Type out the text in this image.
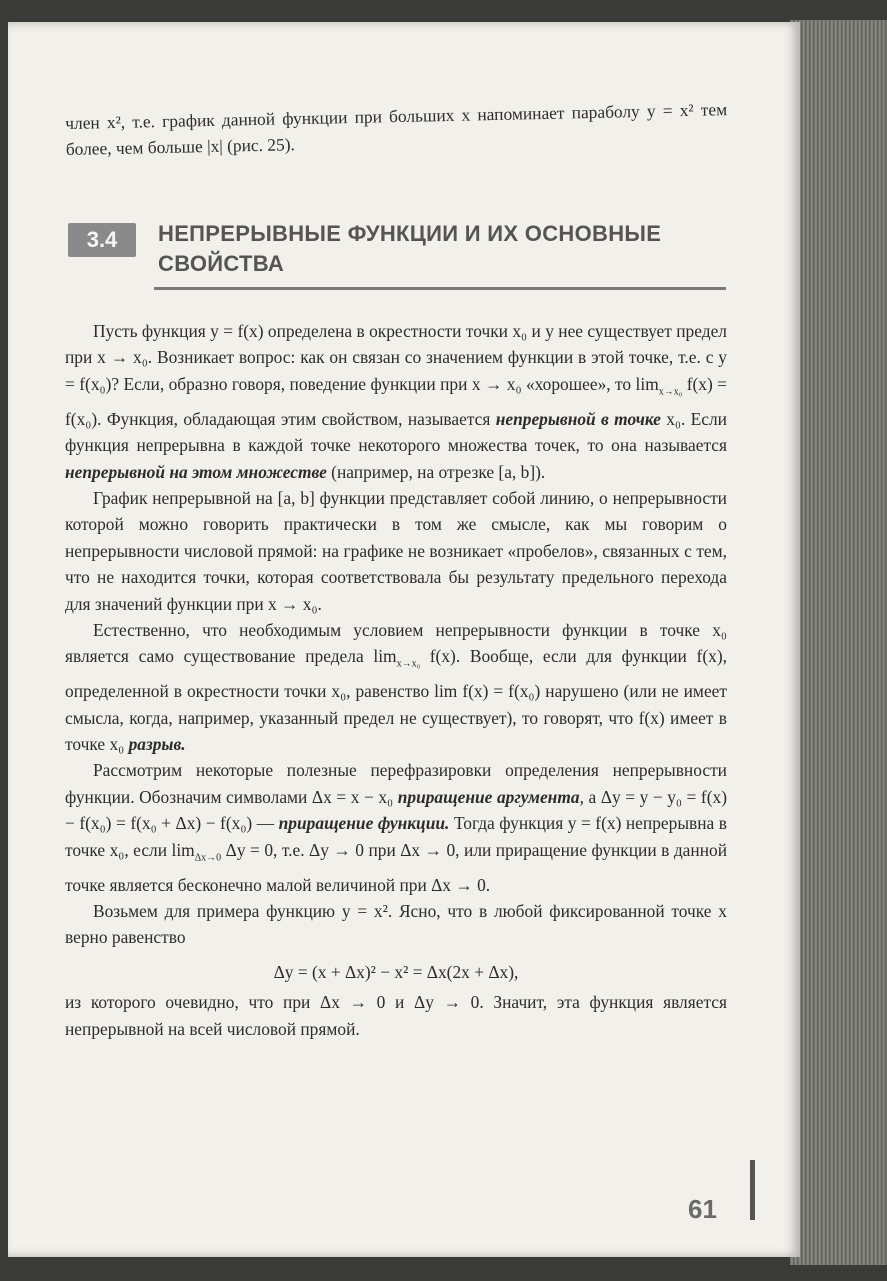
член x², т.е. график данной функции при больших x напоминает параболу y = x² тем более, чем больше |x| (рис. 25).

3.4	НЕПРЕРЫВНЫЕ ФУНКЦИИ И ИХ ОСНОВНЫЕ СВОЙСТВА

Пусть функция y = f(x) определена в окрестности точки x₀ и у нее существует предел при x → x₀. Возникает вопрос: как он связан со значением функции в этой точке, т.е. с y = f(x₀)? Если, образно говоря, поведение функции при x → x₀ «хорошее», то $\lim_{x\to x_0} f(x) = f(x_0)$. Функция, обладающая этим свойством, называется непрерывной в точке x₀. Если функция непрерывна в каждой точке некоторого множества точек, то она называется непрерывной на этом множестве (например, на отрезке [a, b]).

График непрерывной на [a, b] функции представляет собой линию, о непрерывности которой можно говорить практически в том же смысле, как мы говорим о непрерывности числовой прямой: на графике не возникает «пробелов», связанных с тем, что не находится точки, которая соответствовала бы результату предельного перехода для значений функции при x → x₀.

Естественно, что необходимым условием непрерывности функции в точке x₀ является само существование предела $\lim_{x\to x_0} f(x)$. Вообще, если для функции f(x), определенной в окрестности точки x₀, равенство lim f(x) = f(x₀) нарушено (или не имеет смысла, когда, например, указанный предел не существует), то говорят, что f(x) имеет в точке x₀ разрыв.

Рассмотрим некоторые полезные перефразировки определения непрерывности функции. Обозначим символами Δx = x − x₀ приращение аргумента, а Δy = y − y₀ = f(x) − f(x₀) = f(x₀ + Δx) − f(x₀) — приращение функции. Тогда функция y = f(x) непрерывна в точке x₀, если $\lim_{\Delta x\to 0} \Delta y = 0$, т.е. Δy → 0 при Δx → 0, или приращение функции в данной точке является бесконечно малой величиной при Δx → 0.

Возьмем для примера функцию y = x². Ясно, что в любой фиксированной точке x верно равенство

Δy = (x + Δx)² − x² = Δx(2x + Δx),

из которого очевидно, что при Δx → 0 и Δy → 0. Значит, эта функция является непрерывной на всей числовой прямой.

61
